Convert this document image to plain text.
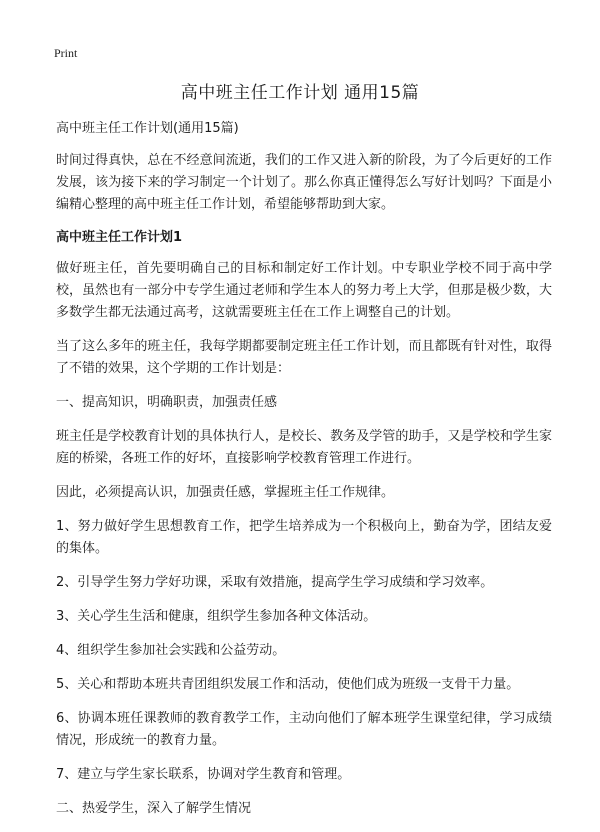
Print
高中班主任工作计划 通用15篇

高中班主任工作计划(通用15篇)

时间过得真快，总在不经意间流逝，我们的工作又进入新的阶段，为了今后更好的工作发展，该为接下来的学习制定一个计划了。那么你真正懂得怎么写好计划吗？下面是小编精心整理的高中班主任工作计划，希望能够帮助到大家。

高中班主任工作计划1

做好班主任，首先要明确自己的目标和制定好工作计划。中专职业学校不同于高中学校，虽然也有一部分中专学生通过老师和学生本人的努力考上大学，但那是极少数，大多数学生都无法通过高考，这就需要班主任在工作上调整自己的计划。

当了这么多年的班主任，我每学期都要制定班主任工作计划，而且都既有针对性，取得了不错的效果，这个学期的工作计划是：

一、提高知识，明确职责，加强责任感

班主任是学校教育计划的具体执行人，是校长、教务及学管的助手，又是学校和学生家庭的桥梁，各班工作的好坏，直接影响学校教育管理工作进行。

因此，必须提高认识，加强责任感，掌握班主任工作规律。

1、努力做好学生思想教育工作，把学生培养成为一个积极向上，勤奋为学，团结友爱的集体。

2、引导学生努力学好功课，采取有效措施，提高学生学习成绩和学习效率。

3、关心学生生活和健康，组织学生参加各种文体活动。

4、组织学生参加社会实践和公益劳动。

5、关心和帮助本班共青团组织发展工作和活动，使他们成为班级一支骨干力量。

6、协调本班任课教师的教育教学工作，主动向他们了解本班学生课堂纪律，学习成绩情况，形成统一的教育力量。

7、建立与学生家长联系，协调对学生教育和管理。

二、热爱学生，深入了解学生情况
